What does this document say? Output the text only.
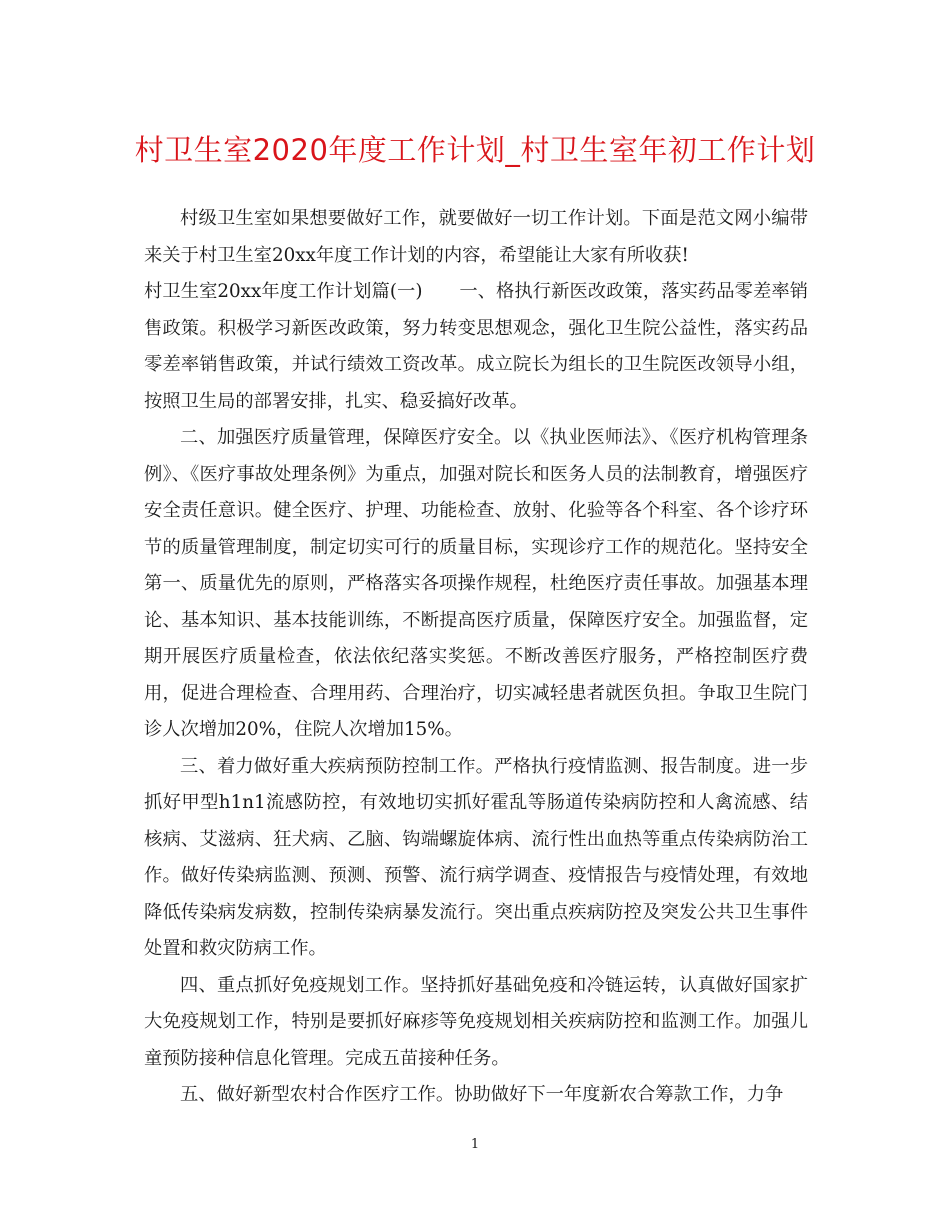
村卫生室2020年度工作计划_村卫生室年初工作计划

村级卫生室如果想要做好工作，就要做好一切工作计划。下面是范文网小编带来关于村卫生室20xx年度工作计划的内容，希望能让大家有所收获!

村卫生室20xx年度工作计划篇(一)　　一、格执行新医改政策，落实药品零差率销售政策。积极学习新医改政策，努力转变思想观念，强化卫生院公益性，落实药品零差率销售政策，并试行绩效工资改革。成立院长为组长的卫生院医改领导小组，按照卫生局的部署安排，扎实、稳妥搞好改革。

二、加强医疗质量管理，保障医疗安全。以《执业医师法》、《医疗机构管理条例》、《医疗事故处理条例》为重点，加强对院长和医务人员的法制教育，增强医疗安全责任意识。健全医疗、护理、功能检查、放射、化验等各个科室、各个诊疗环节的质量管理制度，制定切实可行的质量目标，实现诊疗工作的规范化。坚持安全第一、质量优先的原则，严格落实各项操作规程，杜绝医疗责任事故。加强基本理论、基本知识、基本技能训练，不断提高医疗质量，保障医疗安全。加强监督，定期开展医疗质量检查，依法依纪落实奖惩。不断改善医疗服务，严格控制医疗费用，促进合理检查、合理用药、合理治疗，切实减轻患者就医负担。争取卫生院门诊人次增加20%，住院人次增加15%。

三、着力做好重大疾病预防控制工作。严格执行疫情监测、报告制度。进一步抓好甲型h1n1流感防控，有效地切实抓好霍乱等肠道传染病防控和人禽流感、结核病、艾滋病、狂犬病、乙脑、钩端螺旋体病、流行性出血热等重点传染病防治工作。做好传染病监测、预测、预警、流行病学调查、疫情报告与疫情处理，有效地降低传染病发病数，控制传染病暴发流行。突出重点疾病防控及突发公共卫生事件处置和救灾防病工作。

四、重点抓好免疫规划工作。坚持抓好基础免疫和冷链运转，认真做好国家扩大免疫规划工作，特别是要抓好麻疹等免疫规划相关疾病防控和监测工作。加强儿童预防接种信息化管理。完成五苗接种任务。

五、做好新型农村合作医疗工作。协助做好下一年度新农合筹款工作，力争

1
